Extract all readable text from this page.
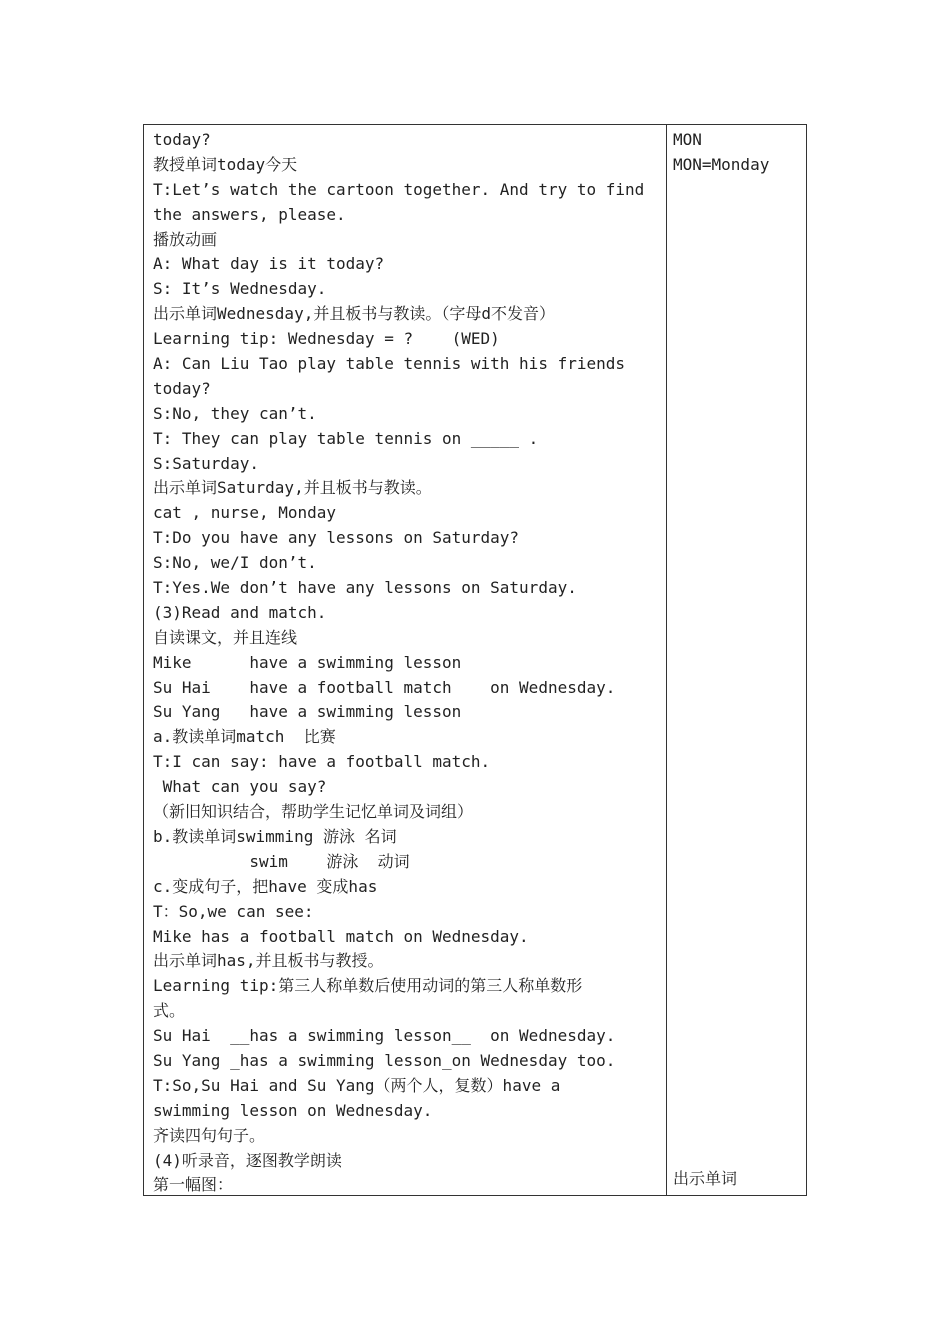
today?
教授单词today今天
T:Let’s watch the cartoon together. And try to find
the answers, please.
播放动画
A: What day is it today?
S: It’s Wednesday.
出示单词Wednesday,并且板书与教读。（字母d不发音）
Learning tip: Wednesday = ?    (WED)
A: Can Liu Tao play table tennis with his friends
today?
S:No, they can’t.
T: They can play table tennis on _____ .
S:Saturday.
出示单词Saturday,并且板书与教读。
cat , nurse, Monday
T:Do you have any lessons on Saturday?
S:No, we/I don’t.
T:Yes.We don’t have any lessons on Saturday.
(3)Read and match.
自读课文，并且连线
Mike      have a swimming lesson
Su Hai    have a football match    on Wednesday.
Su Yang   have a swimming lesson
a.教读单词match  比赛
T:I can say: have a football match.
What can you say?
（新旧知识结合，帮助学生记忆单词及词组）
b.教读单词swimming 游泳 名词
swim    游泳  动词
c.变成句子，把have 变成has
T：So,we can see:
Mike has a football match on Wednesday.
出示单词has,并且板书与教授。
Learning tip:第三人称单数后使用动词的第三人称单数形
式。
Su Hai  __has a swimming lesson__  on Wednesday.
Su Yang _has a swimming lesson_on Wednesday too.
T:So,Su Hai and Su Yang（两个人，复数）have a
swimming lesson on Wednesday.
齐读四句句子。
(4)听录音，逐图教学朗读
第一幅图：
MON
MON=Monday
出示单词
